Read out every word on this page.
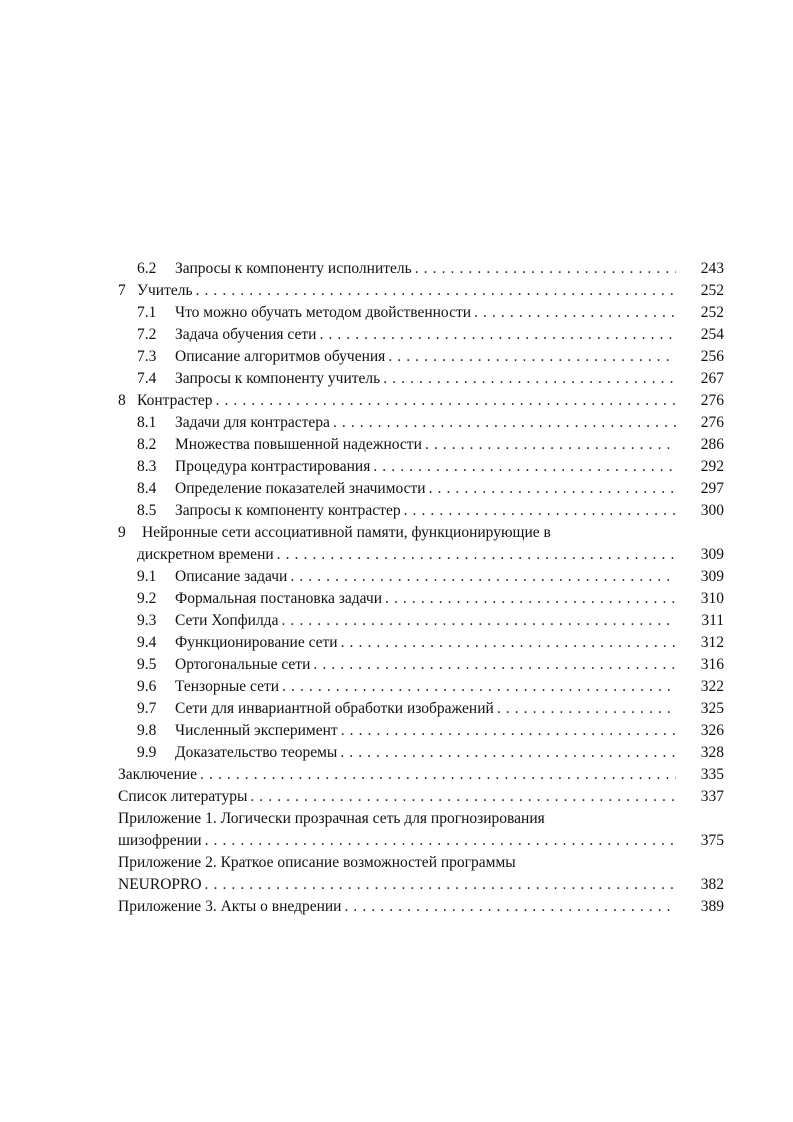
6.2 Запросы к компоненту исполнитель . . .	243
7 Учитель . . .	252
7.1 Что можно обучать методом двойственности . . .	252
7.2 Задача обучения сети . . .	254
7.3 Описание алгоритмов обучения . . .	256
7.4 Запросы к компоненту учитель . . .	267
8 Контрастер . . .	276
8.1 Задачи для контрастера . . .	276
8.2 Множества повышенной надежности . . .	286
8.3 Процедура контрастирования . . .	292
8.4 Определение показателей значимости . . .	297
8.5 Запросы к компоненту контрастер . . .	300
9 Нейронные сети ассоциативной памяти, функционирующие в
дискретном времени . . .	309
9.1 Описание задачи . . .	309
9.2 Формальная постановка задачи . . .	310
9.3 Сети Хопфилда . . .	311
9.4 Функционирование сети . . .	312
9.5 Ортогональные сети . . .	316
9.6 Тензорные сети . . .	322
9.7 Сети для инвариантной обработки изображений . . .	325
9.8 Численный эксперимент . . .	326
9.9 Доказательство теоремы . . .	328
Заключение . . .	335
Список литературы . . .	337
Приложение 1. Логически прозрачная сеть для прогнозирования
шизофрении . . .	375
Приложение 2. Краткое описание возможностей программы
NEUROPRO . . .	382
Приложение 3. Акты о внедрении . . .	389
